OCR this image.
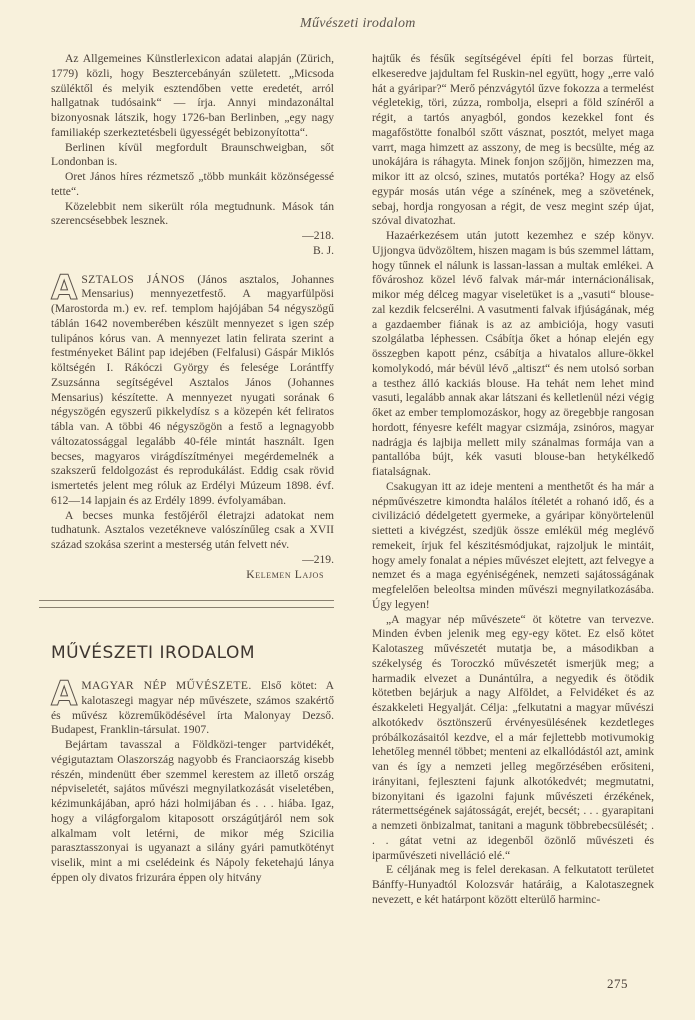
Művészeti irodalom

Az Allgemeines Künstlerlexicon adatai alapján (Zürich, 1779) közli, hogy Besztercebányán született. „Micsoda szüléktől és melyik esztendőben vette eredetét, arról hallgatnak tudósaink“ — írja. Annyi mindazonáltal bizonyosnak látszik, hogy 1726-ban Berlinben, „egy nagy familiakép szerkeztetésbeli ügyességét bebizonyította“.

Berlinen kívül megfordult Braunschweigban, sőt Londonban is.

Oret János híres rézmetsző „több munkáit közönségessé tette“.

Közelebbit nem sikerült róla megtudnunk. Mások tán szerencsésebbek lesznek.

—218.

B. J.

ASZTALOS JÁNOS (János asztalos, Johannes Mensarius) mennyezetfestő. A magyarfülpösi (Marostorda m.) ev. ref. templom hajójában 54 négyszögű táblán 1642 novemberében készült mennyezet s igen szép tulipános kórus van. A mennyezet latin felirata szerint a festményeket Bálint pap idejében (Felfalusi) Gáspár Miklós költségén I. Rákóczi György és felesége Lorántffy Zsuzsánna segítségével Asztalos János (Johannes Mensarius) készítette. A mennyezet nyugati sorának 6 négyszögén egyszerű pikkelydísz s a közepén két feliratos tábla van. A többi 46 négyszögön a festő a legnagyobb változatossággal legalább 40-féle mintát használt. Igen becses, magyaros virágdíszítményei megérdemelnék a szakszerű feldolgozást és reprodukálást. Eddig csak rövid ismertetés jelent meg róluk az Erdélyi Múzeum 1898. évf. 612—14 lapjain és az Erdély 1899. évfolyamában.

A becses munka festőjéről életrajzi adatokat nem tudhatunk. Asztalos vezetékneve valószínűleg csak a XVII század szokása szerint a mesterség után felvett név.

—219.

Kelemen Lajos

MŰVÉSZETI IRODALOM

A MAGYAR NÉP MŰVÉSZETE. Első kötet: A kalotaszegi magyar nép művészete, számos szakértő és művész közreműködésével írta Malonyay Dezső. Budapest, Franklin-társulat. 1907.

Bejártam tavasszal a Földközi-tenger partvidékét, végigutaztam Olaszország nagyobb és Franciaország kisebb részén, mindenütt éber szemmel kerestem az illető ország népviseletét, sajátos művészi megnyilatkozását viseletében, kézimunkájában, apró házi holmijában és . . . hiába. Igaz, hogy a világforgalom kitaposott országútjáról nem sok alkalmam volt letérni, de mikor még Szicilia parasztasszonyai is ugyanazt a silány gyári pamutkötényt viselik, mint a mi cselédeink és Nápoly feketehajú lánya éppen oly divatos frizurára éppen oly hitvány

hajtűk és fésűk segítségével építi fel borzas fürteit, elkeseredve jajdultam fel Ruskin-nel együtt, hogy „erre való hát a gyáripar?“ Merő pénzvágytól űzve fokozza a termelést végletekig, töri, zúzza, rombolja, elsepri a föld színéről a régit, a tartós anyagból, gondos kezekkel font és magafőstötte fonalból szőtt vásznat, posztót, melyet maga varrt, maga himzett az asszony, de meg is becsülte, még az unokájára is ráhagyta. Minek fonjon szőjjön, himezzen ma, mikor itt az olcsó, szines, mutatós portéka? Hogy az első egypár mosás után vége a színének, meg a szövetének, sebaj, hordja rongyosan a régit, de vesz megint szép újat, szóval divatozhat.

Hazaérkezésem után jutott kezemhez e szép könyv. Ujjongva üdvözöltem, hiszen magam is bús szemmel láttam, hogy tűnnek el nálunk is lassan-lassan a multak emlékei. A fővároshoz közel lévő falvak már-már internácionálisak, mikor még délceg magyar viseletüket is a „vasuti“ blouse-zal kezdik felcserélni. A vasutmenti falvak ifjúságának, még a gazdaember fiának is az az ambiciója, hogy vasuti szolgálatba léphessen. Csábítja őket a hónap elején egy összegben kapott pénz, csábítja a hivatalos allure-ökkel komolykodó, már bévül lévő „altiszt“ és nem utolsó sorban a testhez álló kackiás blouse. Ha tehát nem lehet mind vasuti, legalább annak akar látszani és kelletlenül nézi végig őket az ember templomozáskor, hogy az öregebbje rangosan hordott, fényesre kefélt magyar csizmája, zsinóros, magyar nadrágja és lajbija mellett mily szánalmas formája van a pantallóba bújt, kék vasuti blouse-ban hetykélkedő fiatalságnak.

Csakugyan itt az ideje menteni a menthetőt és ha már a népművészetre kimondta halálos ítéletét a rohanó idő, és a civilizáció dédelgetett gyermeke, a gyáripar könyörtelenül sietteti a kivégzést, szedjük össze emlékül még meglévő remekeit, írjuk fel készitésmódjukat, rajzoljuk le mintáit, hogy amely fonalat a népies művészet elejtett, azt felvegye a nemzet és a maga egyéniségének, nemzeti sajátosságának megfelelően beleoltsa minden művészi megnyilatkozásába. Úgy legyen!

„A magyar nép művészete“ öt kötetre van tervezve. Minden évben jelenik meg egy-egy kötet. Ez első kötet Kalotaszeg művészetét mutatja be, a másodikban a székelység és Toroczkó művészetét ismerjük meg; a harmadik elvezet a Dunántúlra, a negyedik és ötödik kötetben bejárjuk a nagy Alföldet, a Felvidéket és az északkeleti Hegyalját. Célja: „felkutatni a magyar művészi alkotókedv ösztönszerű érvényesülésének kezdetleges próbálkozásaitól kezdve, el a már fejlettebb motivumokig lehetőleg mennél többet; menteni az elkallódástól azt, amink van és így a nemzeti jelleg megőrzésében erősiteni, irányitani, fejleszteni fajunk alkotókedvét; megmutatni, bizonyitani és igazolni fajunk művészeti érzékének, rátermettségének sajátosságát, erejét, becsét; . . . gyarapitani a nemzeti önbizalmat, tanitani a magunk többrebecsülését; . . . gátat vetni az idegenből özönlő művészeti és iparművészeti nivelláció elé.“

E céljának meg is felel derekasan. A felkutatott területet Bánffy-Hunyadtól Kolozsvár határáig, a Kalotaszegnek nevezett, e két határpont között elterülő harminc-

275
